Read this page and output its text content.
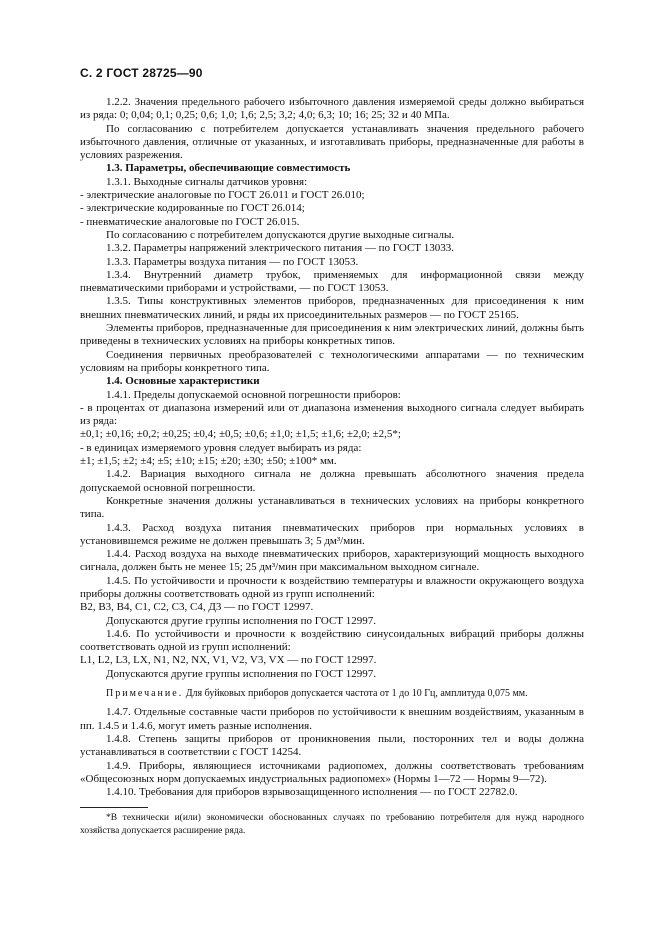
С. 2 ГОСТ 28725—90

1.2.2. Значения предельного рабочего избыточного давления измеряемой среды должно выбираться из ряда: 0; 0,04; 0,1; 0,25; 0,6; 1,0; 1,6; 2,5; 3,2; 4,0; 6,3; 10; 16; 25; 32 и 40 МПа.

По согласованию с потребителем допускается устанавливать значения предельного рабочего избыточного давления, отличные от указанных, и изготавливать приборы, предназначенные для работы в условиях разрежения.

1.3. Параметры, обеспечивающие совместимость

1.3.1. Выходные сигналы датчиков уровня:

- электрические аналоговые по ГОСТ 26.011 и ГОСТ 26.010;

- электрические кодированные по ГОСТ 26.014;

- пневматические аналоговые по ГОСТ 26.015.

По согласованию с потребителем допускаются другие выходные сигналы.

1.3.2. Параметры напряжений электрического питания — по ГОСТ 13033.

1.3.3. Параметры воздуха питания — по ГОСТ 13053.

1.3.4. Внутренний диаметр трубок, применяемых для информационной связи между пневматическими приборами и устройствами, — по ГОСТ 13053.

1.3.5. Типы конструктивных элементов приборов, предназначенных для присоединения к ним внешних пневматических линий, и ряды их присоединительных размеров — по ГОСТ 25165.

Элементы приборов, предназначенные для присоединения к ним электрических линий, должны быть приведены в технических условиях на приборы конкретных типов.

Соединения первичных преобразователей с технологическими аппаратами — по техническим условиям на приборы конкретного типа.

1.4. Основные характеристики

1.4.1. Пределы допускаемой основной погрешности приборов:

- в процентах от диапазона измерений или от диапазона изменения выходного сигнала следует выбирать из ряда:

±0,1; ±0,16; ±0,2; ±0,25; ±0,4; ±0,5; ±0,6; ±1,0; ±1,5; ±1,6; ±2,0; ±2,5*;

- в единицах измеряемого уровня следует выбирать из ряда:

±1; ±1,5; ±2; ±4; ±5; ±10; ±15; ±20; ±30; ±50; ±100* мм.

1.4.2. Вариация выходного сигнала не должна превышать абсолютного значения предела допускаемой основной погрешности.

Конкретные значения должны устанавливаться в технических условиях на приборы конкретного типа.

1.4.3. Расход воздуха питания пневматических приборов при нормальных условиях в установившемся режиме не должен превышать 3; 5 дм³/мин.

1.4.4. Расход воздуха на выходе пневматических приборов, характеризующий мощность выходного сигнала, должен быть не менее 15; 25 дм³/мин при максимальном выходном сигнале.

1.4.5. По устойчивости и прочности к воздействию температуры и влажности окружающего воздуха приборы должны соответствовать одной из групп исполнений:

В2, В3, В4, С1, С2, С3, С4, Д3 — по ГОСТ 12997.

Допускаются другие группы исполнения по ГОСТ 12997.

1.4.6. По устойчивости и прочности к воздействию синусоидальных вибраций приборы должны соответствовать одной из групп исполнений:

L1, L2, L3, LX, N1, N2, NX, V1, V2, V3, VX — по ГОСТ 12997.

Допускаются другие группы исполнения по ГОСТ 12997.

Примечание. Для буйковых приборов допускается частота от 1 до 10 Гц, амплитуда 0,075 мм.

1.4.7. Отдельные составные части приборов по устойчивости к внешним воздействиям, указанным в пп. 1.4.5 и 1.4.6, могут иметь разные исполнения.

1.4.8. Степень защиты приборов от проникновения пыли, посторонних тел и воды должна устанавливаться в соответствии с ГОСТ 14254.

1.4.9. Приборы, являющиеся источниками радиопомех, должны соответствовать требованиям «Общесоюзных норм допускаемых индустриальных радиопомех» (Нормы 1—72 — Нормы 9—72).

1.4.10. Требования для приборов взрывозащищенного исполнения — по ГОСТ 22782.0.

*В технически и(или) экономически обоснованных случаях по требованию потребителя для нужд народного хозяйства допускается расширение ряда.
